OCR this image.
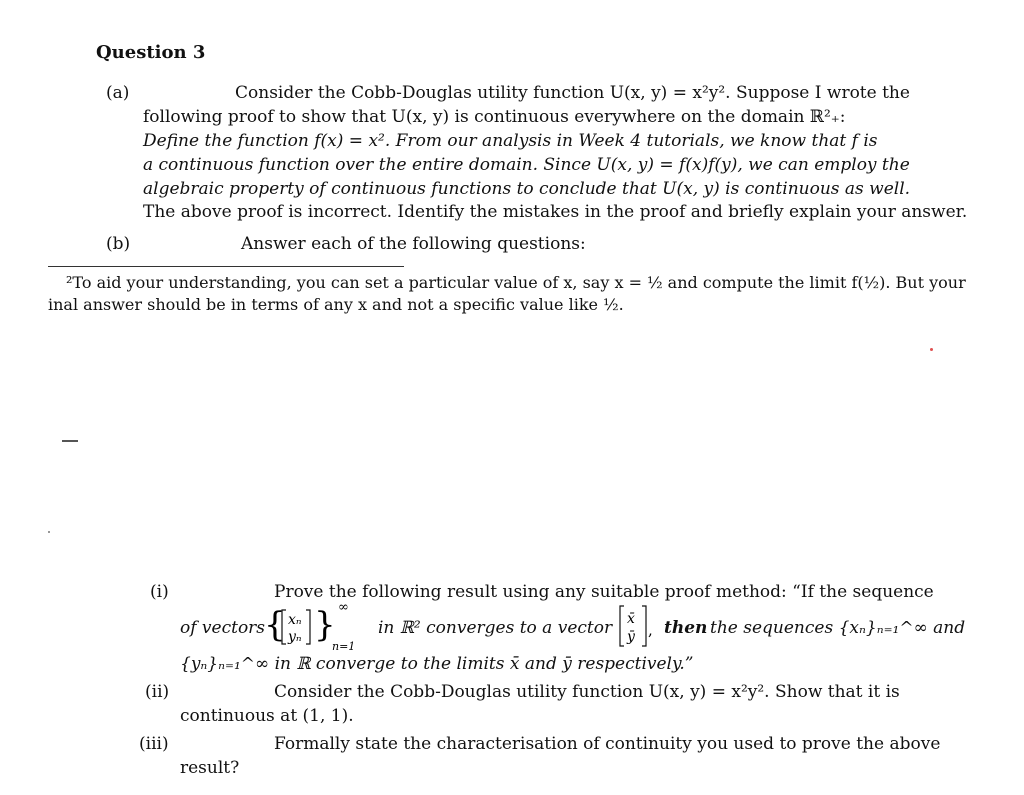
Question 3
(a)	Consider the Cobb-Douglas utility function U(x, y) = x²y². Suppose I wrote the
following proof to show that U(x, y) is continuous everywhere on the domain ℝ²₊:
Define the function f(x) = x². From our analysis in Week 4 tutorials, we know that f is
a continuous function over the entire domain. Since U(x, y) = f(x)f(y), we can employ the
algebraic property of continuous functions to conclude that U(x, y) is continuous as well.
The above proof is incorrect. Identify the mistakes in the proof and briefly explain your answer.
(b)	Answer each of the following questions:
²To aid your understanding, you can set a particular value of x, say x = ½ and compute the limit f(½). But your
inal answer should be in terms of any x and not a specific value like ½.
(i)	Prove the following result using any suitable proof method: “If the sequence
of vectors
{ xₙ
yₙ } ∞
n=1
in ℝ² converges to a vector x̄
ȳ , then the sequences {xₙ}ₙ₌₁^∞ and
{yₙ}ₙ₌₁^∞ in ℝ converge to the limits x̄ and ȳ respectively.”
(ii)	Consider the Cobb-Douglas utility function U(x, y) = x²y². Show that it is
continuous at (1, 1).
(iii)	Formally state the characterisation of continuity you used to prove the above
result?
